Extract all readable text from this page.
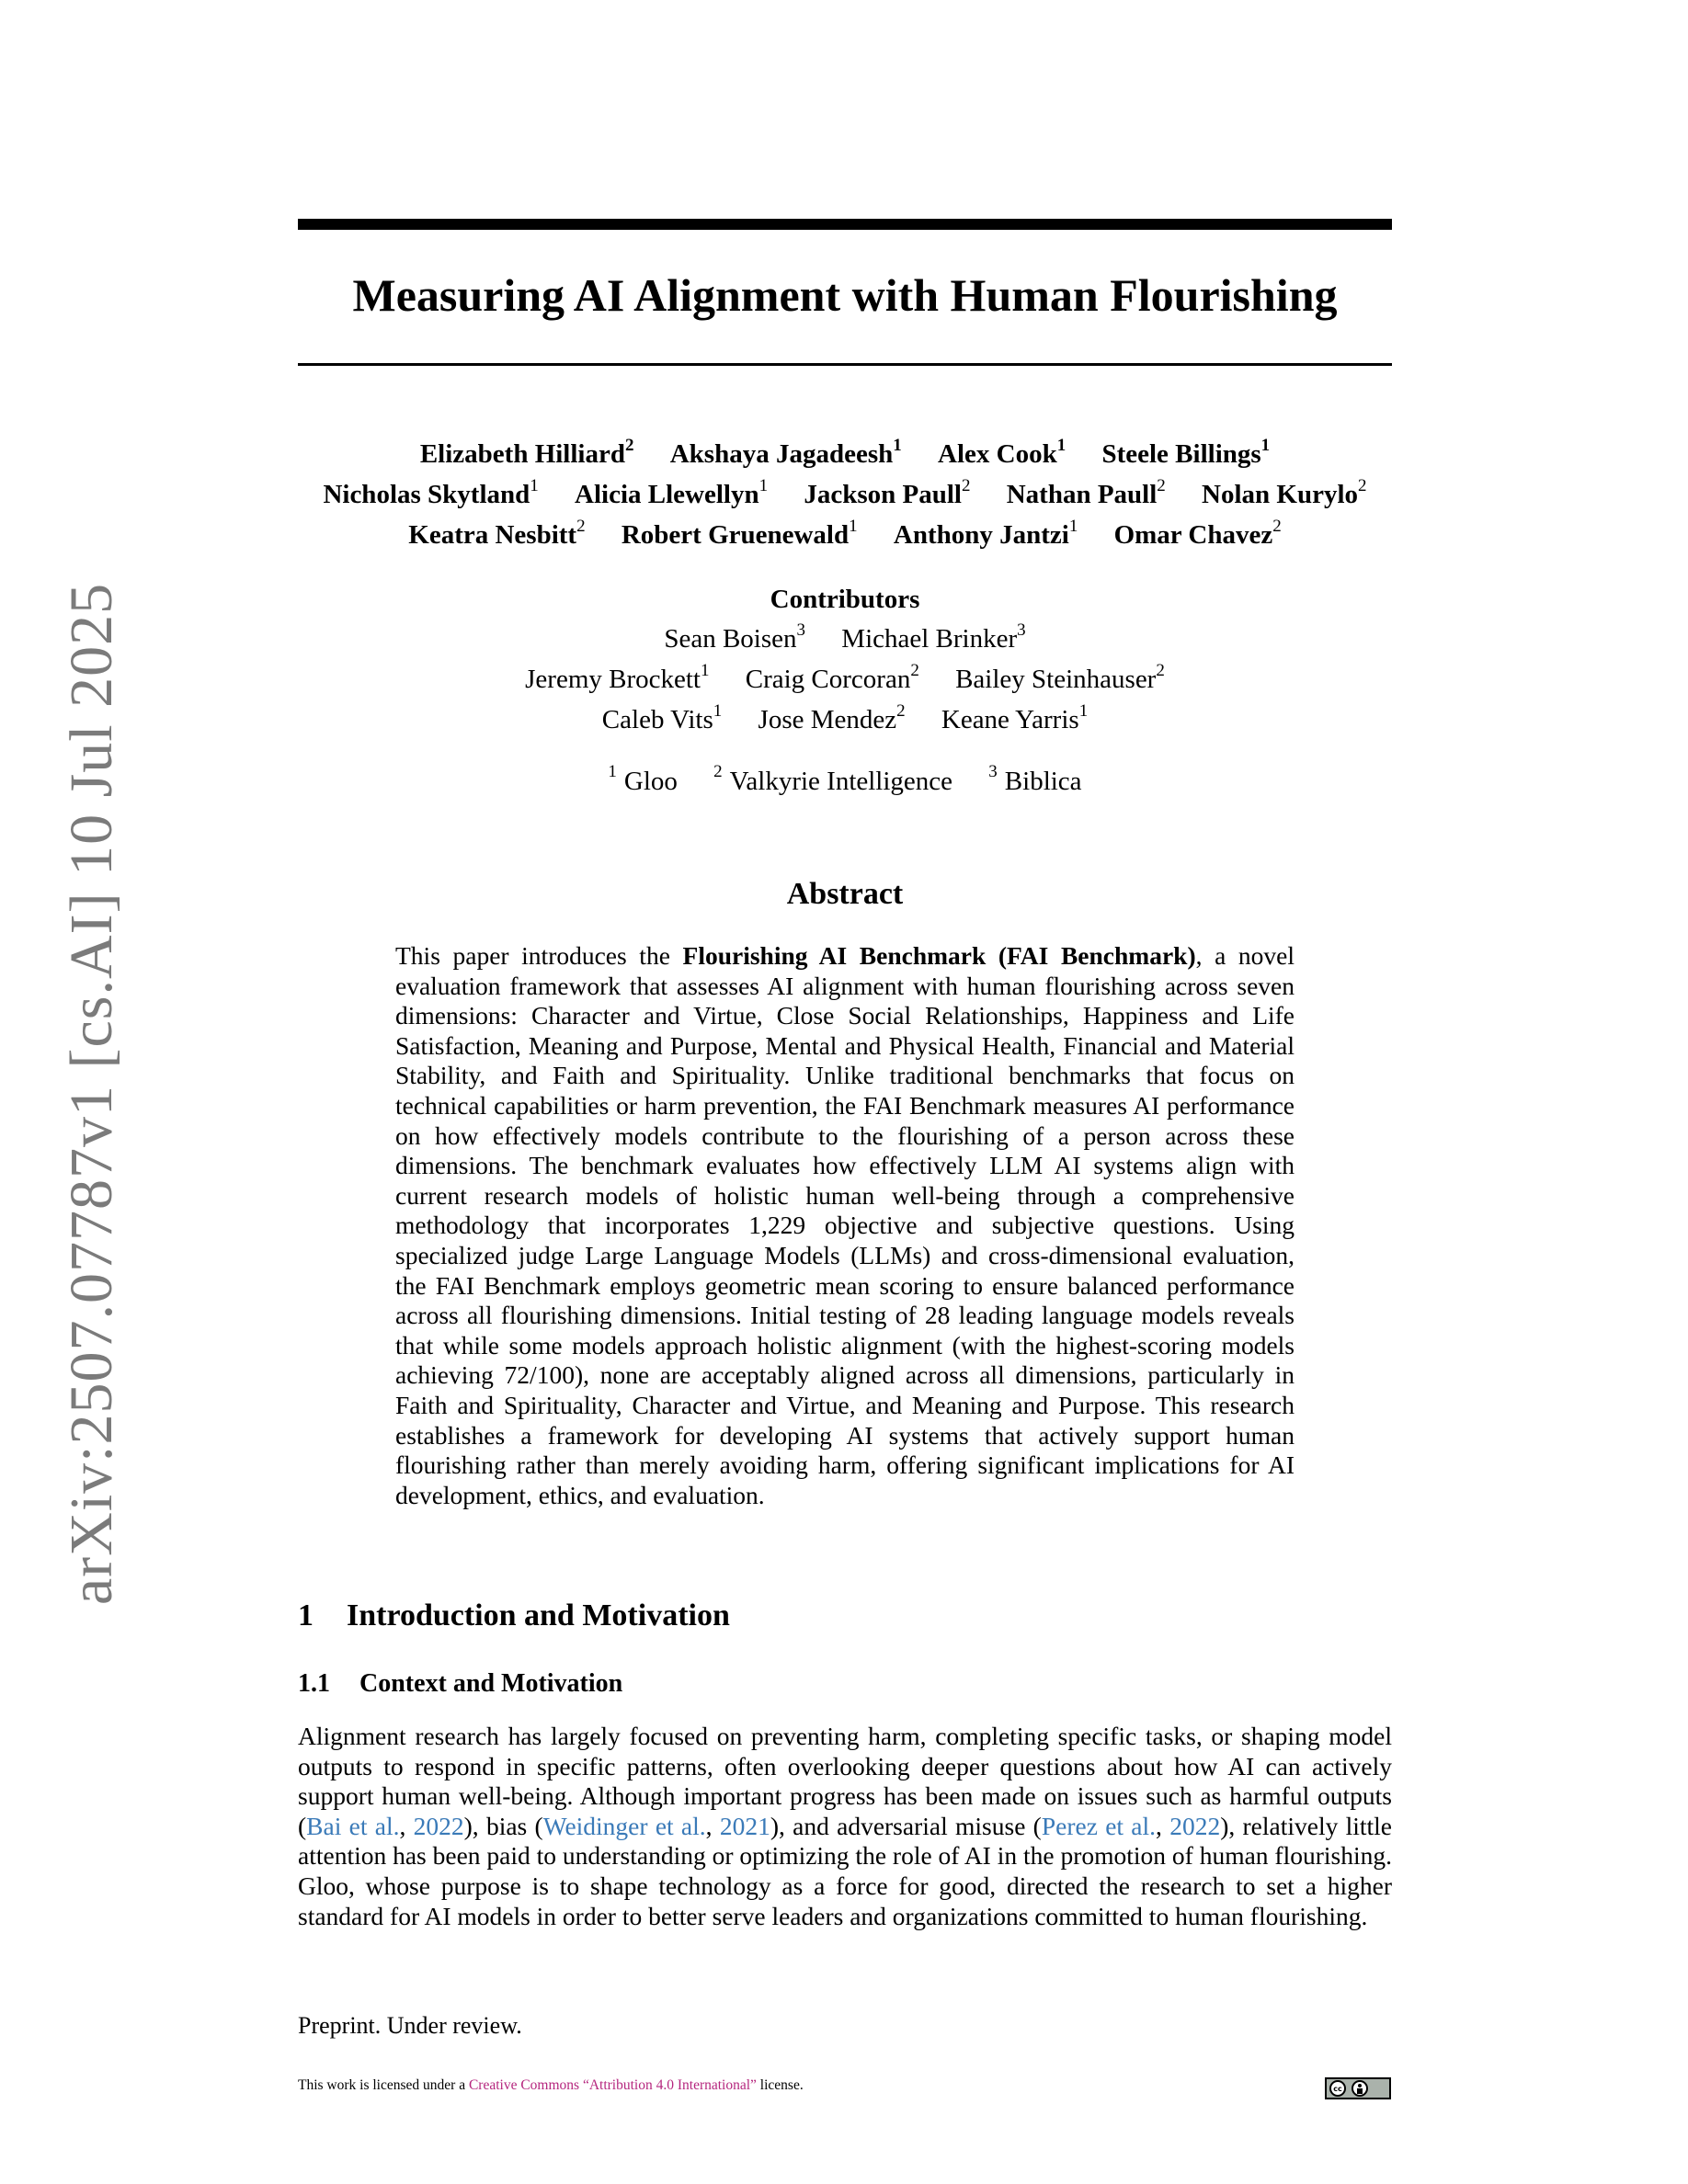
arXiv:2507.07787v1 [cs.AI] 10 Jul 2025
Measuring AI Alignment with Human Flourishing
Elizabeth Hilliard$^2$ Akshaya Jagadeesh$^1$ Alex Cook$^1$ Steele Billings$^1$
Nicholas Skytland$^1$ Alicia Llewellyn$^1$ Jackson Paull$^2$ Nathan Paull$^2$ Nolan Kurylo$^2$
Keatra Nesbitt$^2$ Robert Gruenewald$^1$ Anthony Jantzi$^1$ Omar Chavez$^2$
Contributors
Sean Boisen$^3$ Michael Brinker$^3$
Jeremy Brockett$^1$ Craig Corcoran$^2$ Bailey Steinhauser$^2$
Caleb Vits$^1$ Jose Mendez$^2$ Keane Yarris$^1$
$^1$ Gloo $^2$ Valkyrie Intelligence $^3$ Biblica
Abstract

This paper introduces the Flourishing AI Benchmark (FAI Benchmark), a novel evaluation framework that assesses AI alignment with human flourishing across seven dimensions: Character and Virtue, Close Social Relationships, Happiness and Life Satisfaction, Meaning and Purpose, Mental and Physical Health, Financial and Material Stability, and Faith and Spirituality. Unlike traditional benchmarks that focus on technical capabilities or harm prevention, the FAI Benchmark measures AI performance on how effectively models contribute to the flourishing of a person across these dimensions. The benchmark evaluates how effectively LLM AI systems align with current research models of holistic human well-being through a comprehensive methodology that incorporates 1,229 objective and subjective questions. Using specialized judge Large Language Models (LLMs) and cross-dimensional evaluation, the FAI Benchmark employs geometric mean scoring to ensure balanced performance across all flourishing dimensions. Initial testing of 28 leading language models reveals that while some models approach holistic alignment (with the highest-scoring models achieving 72/100), none are acceptably aligned across all dimensions, particularly in Faith and Spirituality, Character and Virtue, and Meaning and Purpose. This research establishes a framework for developing AI systems that actively support human flourishing rather than merely avoiding harm, offering significant implications for AI development, ethics, and evaluation.

1 Introduction and Motivation
1.1 Context and Motivation

Alignment research has largely focused on preventing harm, completing specific tasks, or shaping model outputs to respond in specific patterns, often overlooking deeper questions about how AI can actively support human well-being. Although important progress has been made on issues such as harmful outputs (Bai et al., 2022), bias (Weidinger et al., 2021), and adversarial misuse (Perez et al., 2022), relatively little attention has been paid to understanding or optimizing the role of AI in the promotion of human flourishing. Gloo, whose purpose is to shape technology as a force for good, directed the research to set a higher standard for AI models in order to better serve leaders and organizations committed to human flourishing.

Preprint. Under review.
This work is licensed under a Creative Commons “Attribution 4.0 International” license.	cc
